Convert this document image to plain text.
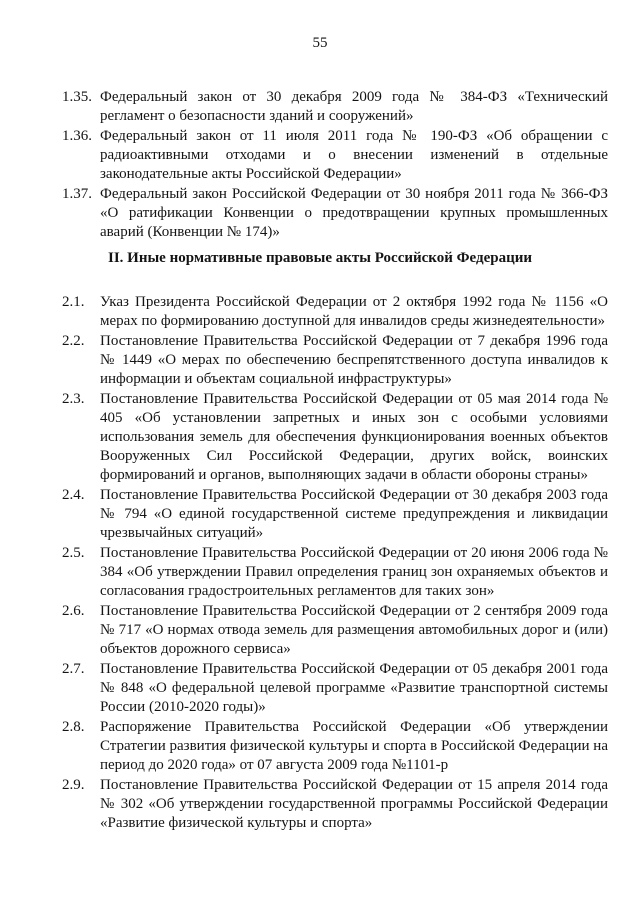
55
1.35. Федеральный закон от 30 декабря 2009 года № 384-ФЗ «Технический регламент о безопасности зданий и сооружений»
1.36. Федеральный закон от 11 июля 2011 года № 190-ФЗ «Об обращении с радиоактивными отходами и о внесении изменений в отдельные законодательные акты Российской Федерации»
1.37. Федеральный закон Российской Федерации от 30 ноября 2011 года № 366-ФЗ «О ратификации Конвенции о предотвращении крупных промышленных аварий (Конвенции № 174)»
II. Иные нормативные правовые акты Российской Федерации
2.1.	Указ Президента Российской Федерации от 2 октября 1992 года № 1156 «О мерах по формированию доступной для инвалидов среды жизнедеятельности»
2.2.	Постановление Правительства Российской Федерации от 7 декабря 1996 года № 1449 «О мерах по обеспечению беспрепятственного доступа инвалидов к информации и объектам социальной инфраструктуры»
2.3.	Постановление Правительства Российской Федерации от 05 мая 2014 года № 405 «Об установлении запретных и иных зон с особыми условиями использования земель для обеспечения функционирования военных объектов Вооруженных Сил Российской Федерации, других войск, воинских формирований и органов, выполняющих задачи в области обороны страны»
2.4.	Постановление Правительства Российской Федерации от 30 декабря 2003 года № 794 «О единой государственной системе предупреждения и ликвидации чрезвычайных ситуаций»
2.5.	Постановление Правительства Российской Федерации от 20 июня 2006 года № 384 «Об утверждении Правил определения границ зон охраняемых объектов и согласования градостроительных регламентов для таких зон»
2.6.	Постановление Правительства Российской Федерации от 2 сентября 2009 года № 717 «О нормах отвода земель для размещения автомобильных дорог и (или) объектов дорожного сервиса»
2.7.	Постановление Правительства Российской Федерации от 05 декабря 2001 года № 848 «О федеральной целевой программе «Развитие транспортной системы России (2010-2020 годы)»
2.8.	Распоряжение Правительства Российской Федерации «Об утверждении Стратегии развития физической культуры и спорта в Российской Федерации на период до 2020 года» от 07 августа 2009 года №1101-р
2.9.	Постановление Правительства Российской Федерации от 15 апреля 2014 года № 302 «Об утверждении государственной программы Российской Федерации «Развитие физической культуры и спорта»
